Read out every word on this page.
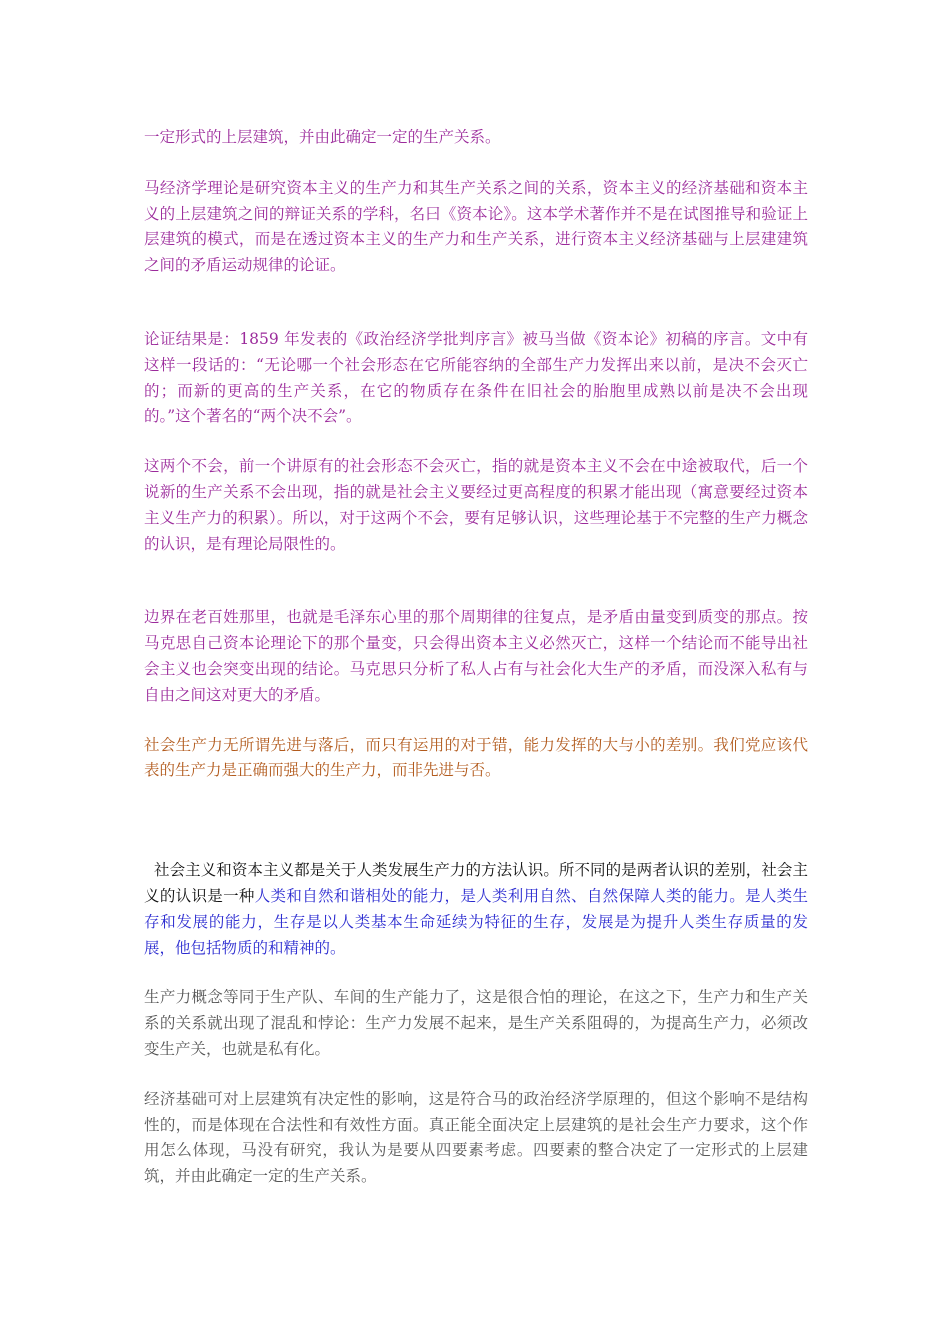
一定形式的上层建筑，并由此确定一定的生产关系。

马经济学理论是研究资本主义的生产力和其生产关系之间的关系，资本主义的经济基础和资本主义的上层建筑之间的辩证关系的学科，名曰《资本论》。这本学术著作并不是在试图推导和验证上层建筑的模式，而是在透过资本主义的生产力和生产关系，进行资本主义经济基础与上层建建筑之间的矛盾运动规律的论证。

论证结果是：1859 年发表的《政治经济学批判序言》被马当做《资本论》初稿的序言。文中有这样一段话的：“无论哪一个社会形态在它所能容纳的全部生产力发挥出来以前，是决不会灭亡的；而新的更高的生产关系，在它的物质存在条件在旧社会的胎胞里成熟以前是决不会出现的。”这个著名的“两个决不会”。

这两个不会，前一个讲原有的社会形态不会灭亡，指的就是资本主义不会在中途被取代，后一个说新的生产关系不会出现，指的就是社会主义要经过更高程度的积累才能出现（寓意要经过资本主义生产力的积累）。所以，对于这两个不会，要有足够认识，这些理论基于不完整的生产力概念的认识，是有理论局限性的。

边界在老百姓那里，也就是毛泽东心里的那个周期律的往复点，是矛盾由量变到质变的那点。按马克思自己资本论理论下的那个量变，只会得出资本主义必然灭亡，这样一个结论而不能导出社会主义也会突变出现的结论。马克思只分析了私人占有与社会化大生产的矛盾，而没深入私有与自由之间这对更大的矛盾。

社会生产力无所谓先进与落后，而只有运用的对于错，能力发挥的大与小的差别。我们党应该代表的生产力是正确而强大的生产力，而非先进与否。

社会主义和资本主义都是关于人类发展生产力的方法认识。所不同的是两者认识的差别，社会主义的认识是一种人类和自然和谐相处的能力，是人类利用自然、自然保障人类的能力。是人类生存和发展的能力，生存是以人类基本生命延续为特征的生存，发展是为提升人类生存质量的发展，他包括物质的和精神的。

生产力概念等同于生产队、车间的生产能力了，这是很合怕的理论，在这之下，生产力和生产关系的关系就出现了混乱和悖论：生产力发展不起来，是生产关系阻碍的，为提高生产力，必须改变生产关，也就是私有化。

经济基础可对上层建筑有决定性的影响，这是符合马的政治经济学原理的，但这个影响不是结构性的，而是体现在合法性和有效性方面。真正能全面决定上层建筑的是社会生产力要求，这个作用怎么体现，马没有研究，我认为是要从四要素考虑。四要素的整合决定了一定形式的上层建筑，并由此确定一定的生产关系。
